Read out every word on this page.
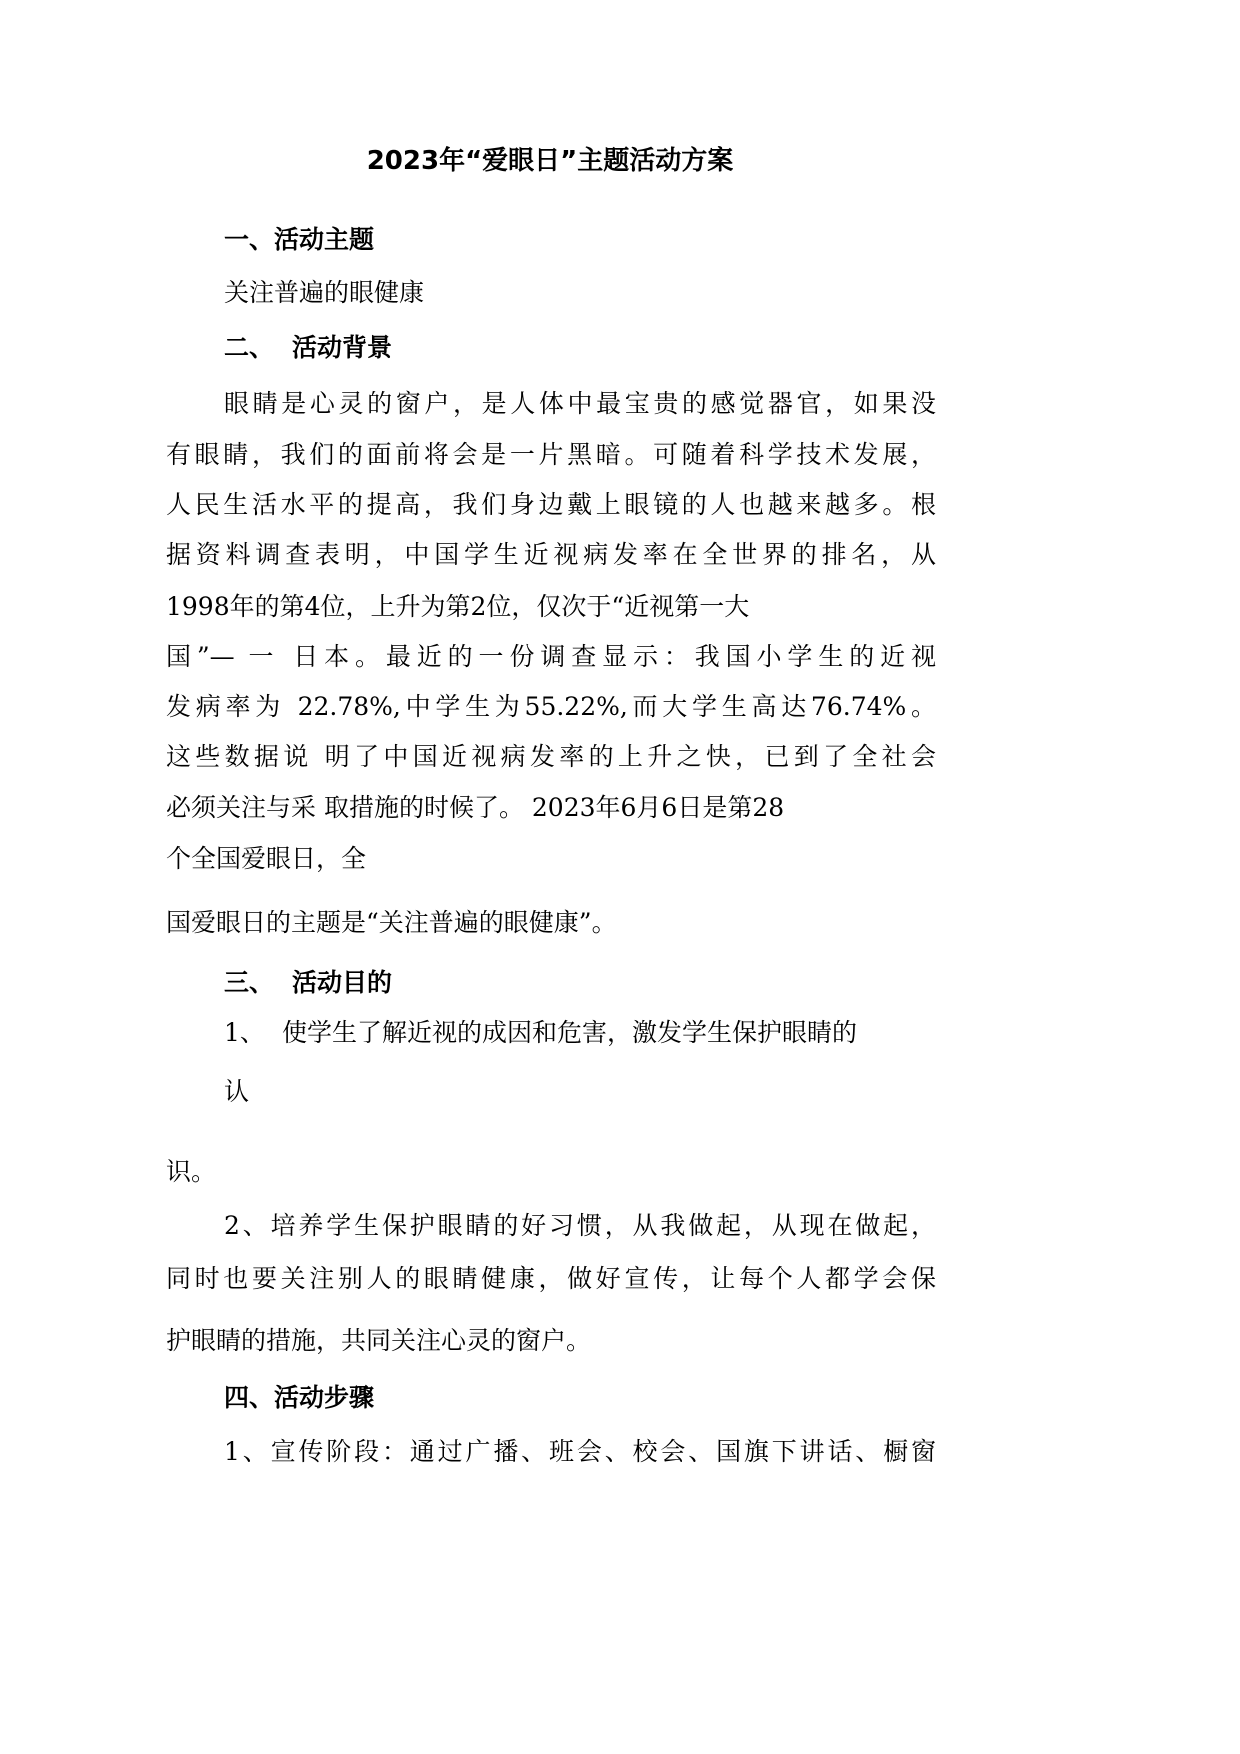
2023年“爱眼日”主题活动方案
一、活动主题
关注普遍的眼健康
二、 活动背景
眼睛是心灵的窗户，是人体中最宝贵的感觉器官，如果没
有眼睛，我们的面前将会是一片黑暗。可随着科学技术发展，
人民生活水平的提高，我们身边戴上眼镜的人也越来越多。根
据资料调查表明，中国学生近视病发率在全世界的排名，从
1998年的第4位，上升为第2位，仅次于“近视第一大
国”— 一 日本。最近的一份调查显示：我国小学生的近视
发病率为 22.78%,中学生为55.22%,而大学生高达76.74%。
这些数据说 明了中国近视病发率的上升之快，已到了全社会
必须关注与采 取措施的时候了。 2023年6月6日是第28
个全国爱眼日，全
国爱眼日的主题是“关注普遍的眼健康”。
三、 活动目的
1、 使学生了解近视的成因和危害，激发学生保护眼睛的
认
识。
2、培养学生保护眼睛的好习惯，从我做起，从现在做起，
同时也要关注别人的眼睛健康，做好宣传，让每个人都学会保
护眼睛的措施，共同关注心灵的窗户。
四、活动步骤
1、宣传阶段：通过广播、班会、校会、国旗下讲话、橱窗
